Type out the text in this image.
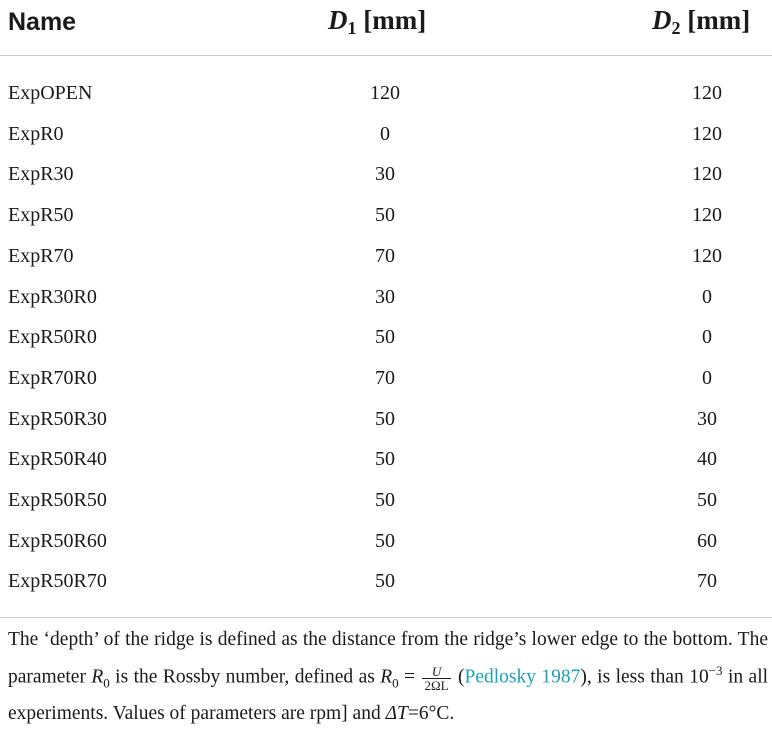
Name	$D_1$ [mm]	$D_2$ [mm]
ExpOPEN	120	120
ExpR0	0	120
ExpR30	30	120
ExpR50	50	120
ExpR70	70	120
ExpR30R0	30	0
ExpR50R0	50	0
ExpR70R0	70	0
ExpR50R30	50	30
ExpR50R40	50	40
ExpR50R50	50	50
ExpR50R60	50	60
ExpR50R70	50	70
The ‘depth’ of the ridge is defined as the distance from the ridge’s lower edge to the bottom. The parameter $R_0$ is the Rossby number, defined as $R_0 = \frac{U}{2\Omega L}$ (Pedlosky 1987), is less than $10^{-3}$ in all experiments. Values of parameters are rpm] and ΔT=6°C.
